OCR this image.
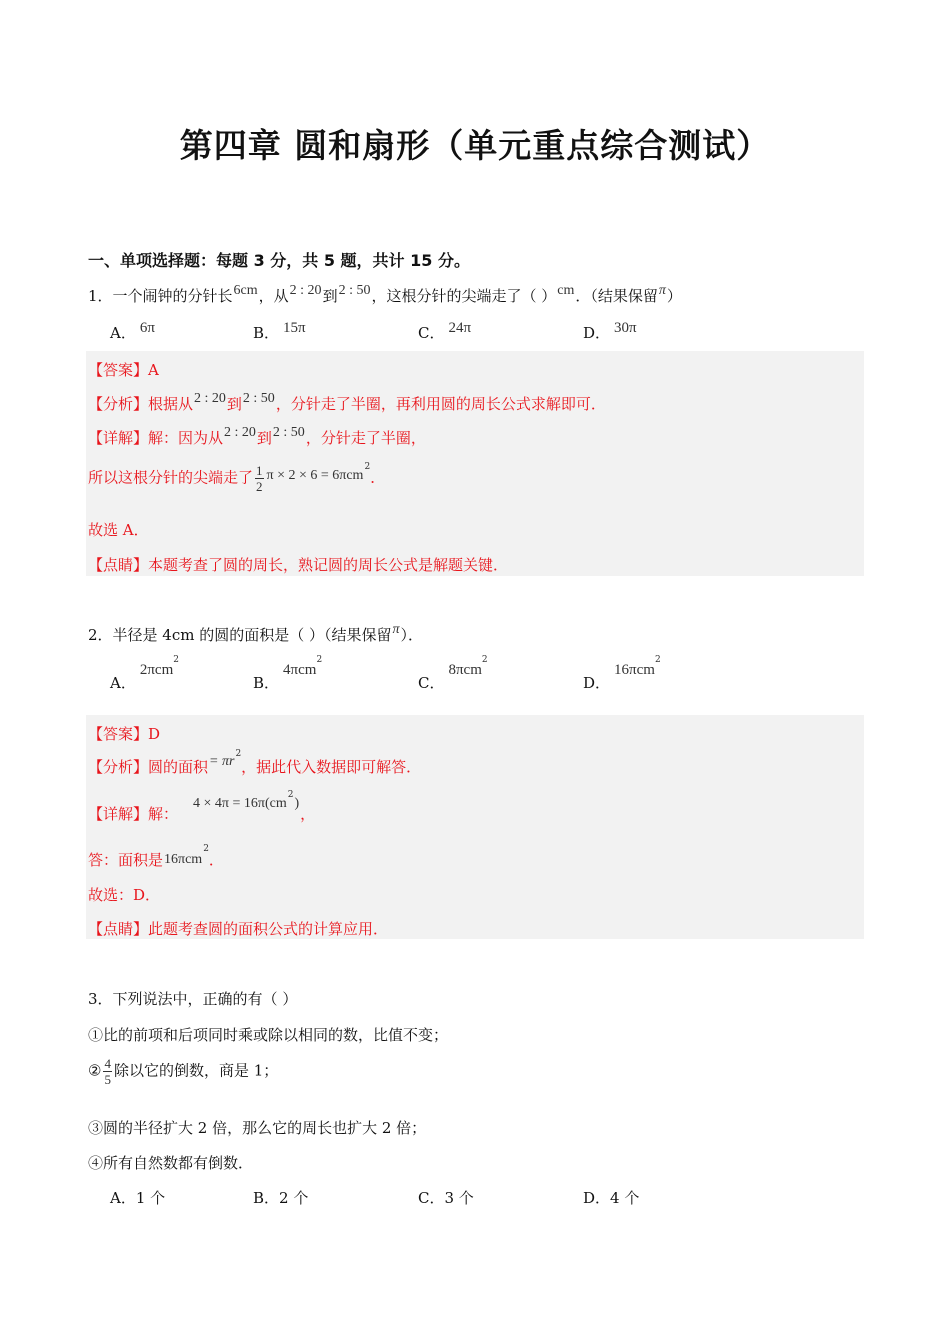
第四章 圆和扇形（单元重点综合测试）
一、单项选择题：每题 3 分，共 5 题，共计 15 分。
1．一个闹钟的分针长6cm，从2 : 20到2 : 50，这根分针的尖端走了（ ）cm．（结果保留π）
A． 6π	B． 15π	C． 24π	D． 30π
【答案】A
【分析】根据从2 : 20到2 : 50，分针走了半圈，再利用圆的周长公式求解即可．
【详解】解：因为从2 : 20到2 : 50，分针走了半圈，
所以这根分针的尖端走了 $\frac{1}{2}$ π × 2 × 6 = 6πcm$^2$．
故选 A．
【点睛】本题考查了圆的周长，熟记圆的周长公式是解题关键．
2．半径是 4cm 的圆的面积是（ ）（结果保留π）．
A．2πcm$^2$
B．4πcm$^2$
C．8πcm$^2$
D．16πcm$^2$
【答案】D
【分析】圆的面积= $\pi r^2$，据此代入数据即可解答．
【详解】解：$4 \times 4\pi = 16\pi(cm^2)$，
答：面积是16πcm$^2$．
故选：D．
【点睛】此题考查圆的面积公式的计算应用．
3．下列说法中，正确的有（ ）
①比的前项和后项同时乘或除以相同的数，比值不变；
② $\frac{4}{5}$ 除以它的倒数，商是 1；
③圆的半径扩大 2 倍，那么它的周长也扩大 2 倍；
④所有自然数都有倒数．
A．1 个	B．2 个	C．3 个	D．4 个
